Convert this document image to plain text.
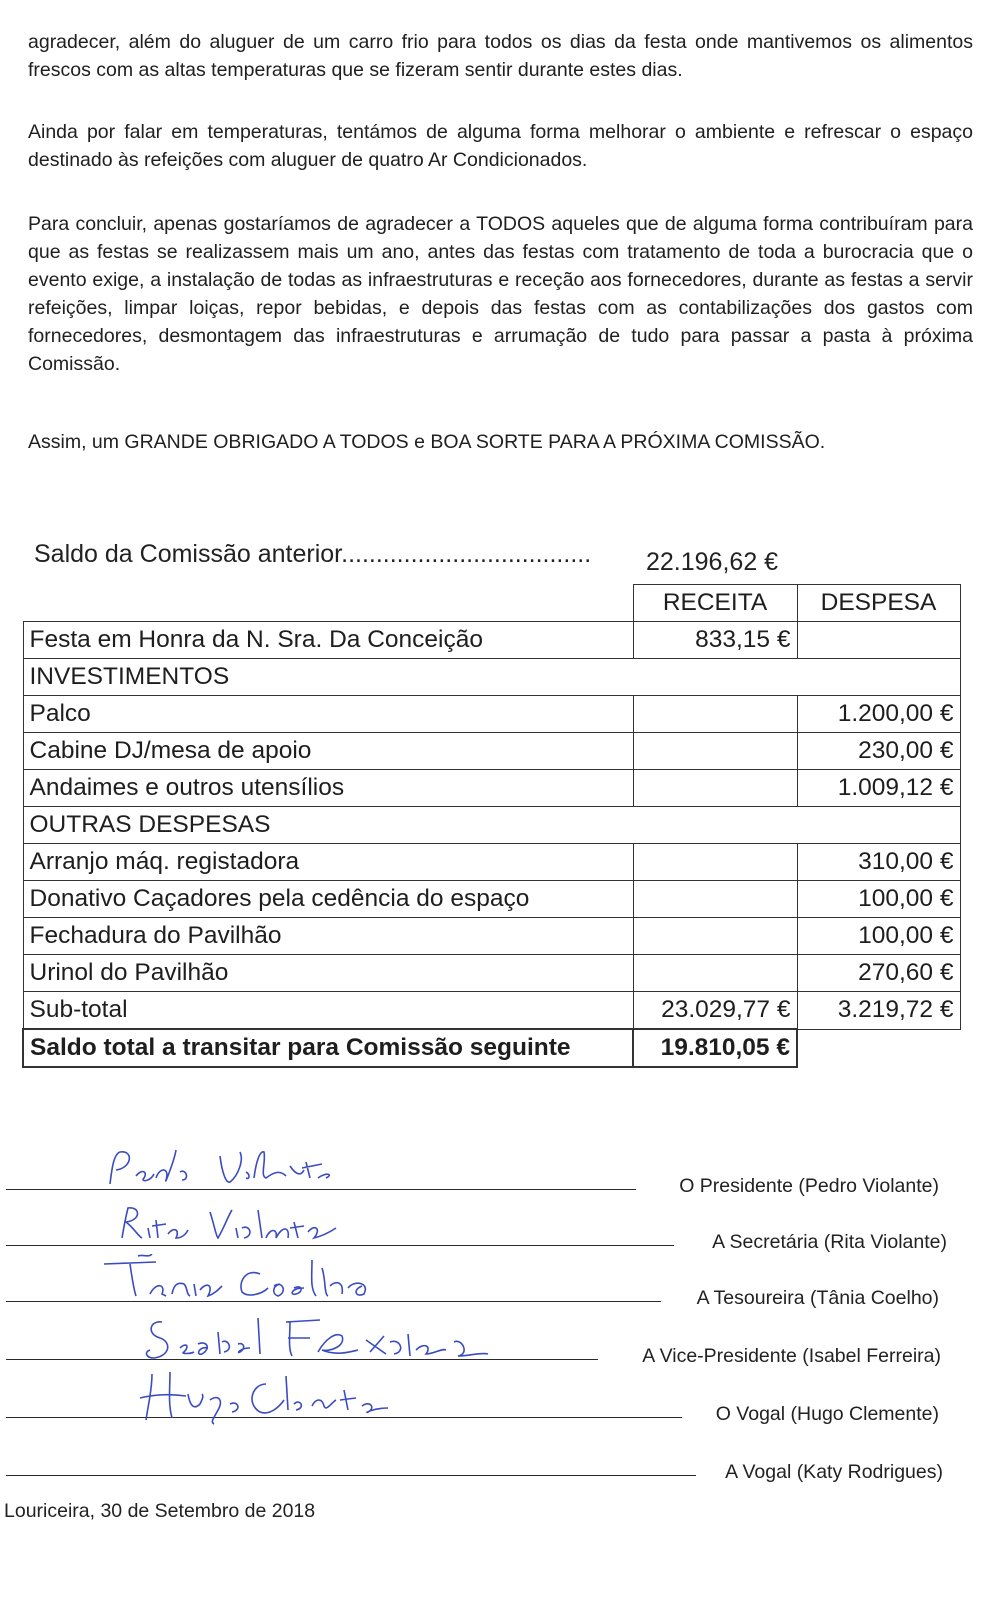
agradecer, além do aluguer de um carro frio para todos os dias da festa onde mantivemos os alimentos frescos com as altas temperaturas que se fizeram sentir durante estes dias.
Ainda por falar em temperaturas, tentámos de alguma forma melhorar o ambiente e refrescar o espaço destinado às refeições com aluguer de quatro Ar Condicionados.
Para concluir, apenas gostaríamos de agradecer a TODOS aqueles que de alguma forma contribuíram para que as festas se realizassem mais um ano, antes das festas com tratamento de toda a burocracia que o evento exige, a instalação de todas as infraestruturas e receção aos fornecedores, durante as festas a servir refeições, limpar loiças, repor bebidas, e depois das festas com as contabilizações dos gastos com fornecedores, desmontagem das infraestruturas e arrumação de tudo para passar a pasta à próxima Comissão.
Assim, um GRANDE OBRIGADO A TODOS e BOA SORTE PARA A PRÓXIMA COMISSÃO.
Saldo da Comissão anterior.................................... 22.196,62 €
	RECEITA	DESPESA
Festa em Honra da N. Sra. Da Conceição	833,15 €	
INVESTIMENTOS		
Palco		1.200,00 €
Cabine DJ/mesa de apoio		230,00 €
Andaimes e outros utensílios		1.009,12 €
OUTRAS DESPESAS		
Arranjo máq. registadora		310,00 €
Donativo Caçadores pela cedência do espaço		100,00 €
Fechadura do Pavilhão		100,00 €
Urinol do Pavilhão		270,60 €
Sub-total	23.029,77 €	3.219,72 €
Saldo total a transitar para Comissão seguinte	19.810,05 €	
O Presidente (Pedro Violante)
A Secretária (Rita Violante)
A Tesoureira (Tânia Coelho)
A Vice-Presidente (Isabel Ferreira)
O Vogal (Hugo Clemente)
A Vogal (Katy Rodrigues)
Louriceira, 30 de Setembro de 2018
